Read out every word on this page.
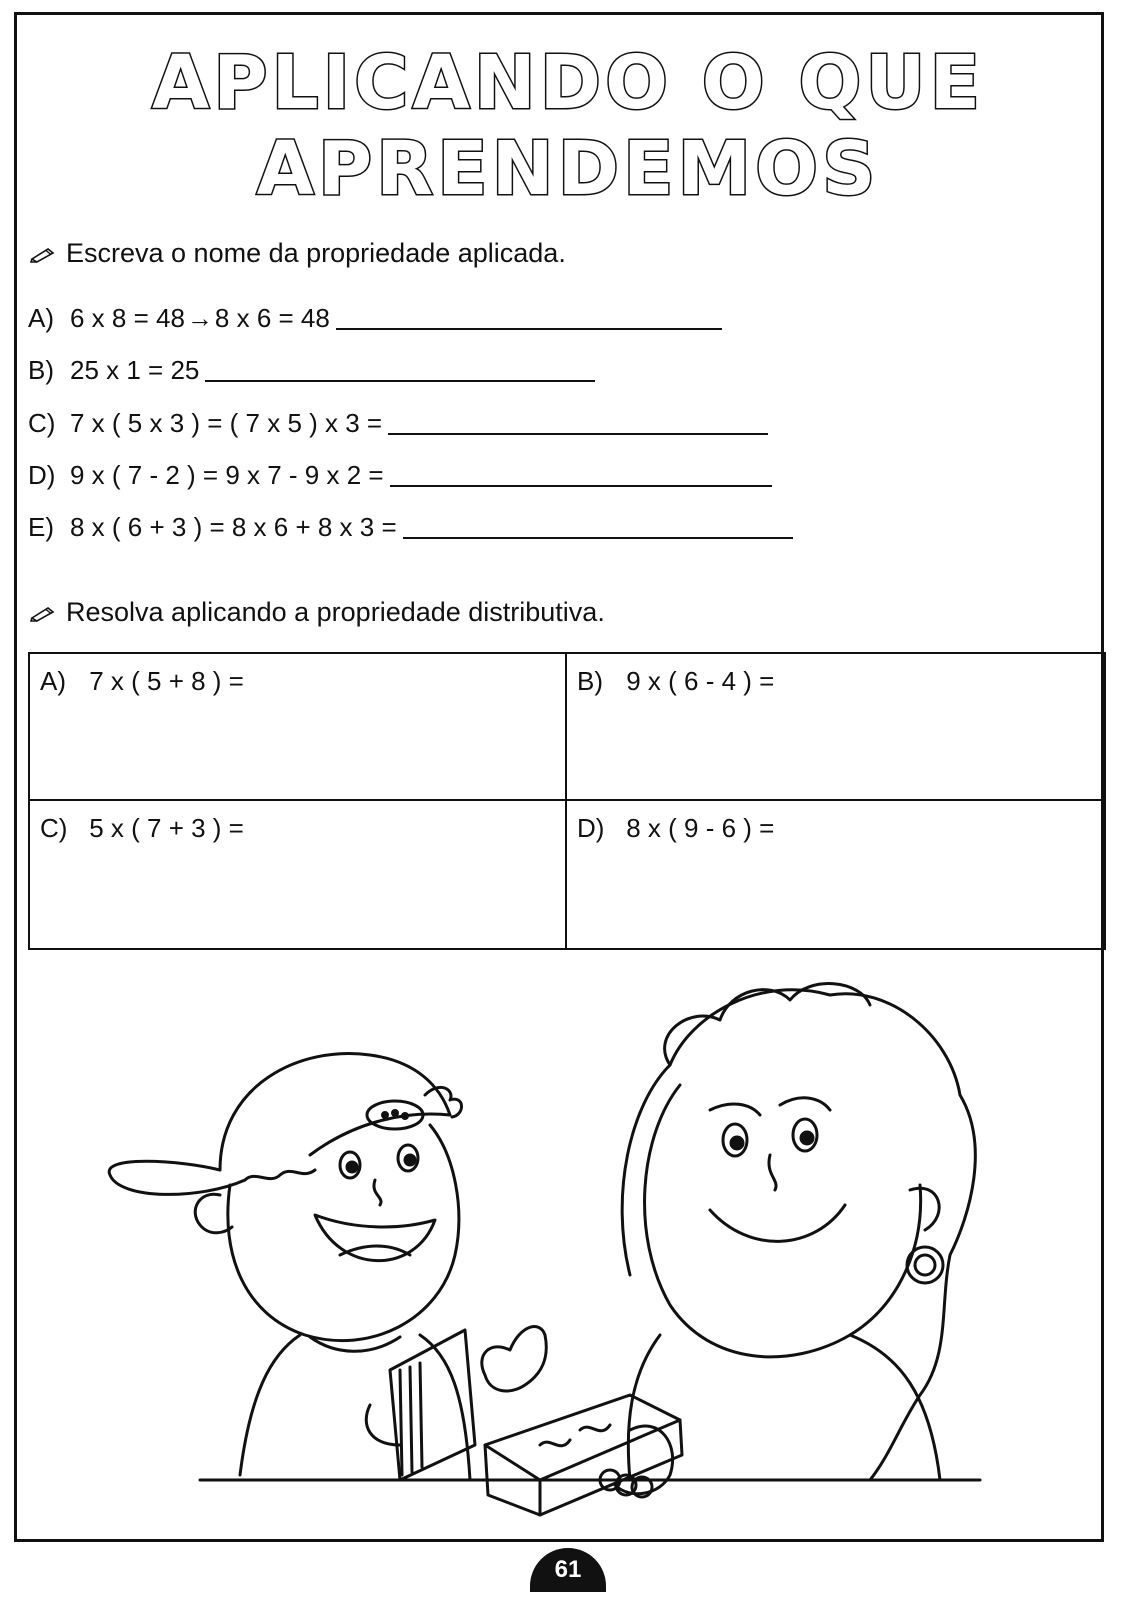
APLICANDO O QUE
APRENDEMOS
Escreva o nome da propriedade aplicada.
A) 6 x 8 = 48 → 8 x 6 = 48
B) 25 x 1 = 25
C) 7 x ( 5 x 3 ) = ( 7 x 5 ) x 3 =
D) 9 x ( 7 - 2 ) = 9 x 7 - 9 x 2 =
E) 8 x ( 6 + 3 ) = 8 x 6 + 8 x 3 =
Resolva aplicando a propriedade distributiva.
A) 7 x ( 5 + 8 ) =	B) 9 x ( 6 - 4 ) =
C) 5 x ( 7 + 3 ) =	D) 8 x ( 9 - 6 ) =
61
